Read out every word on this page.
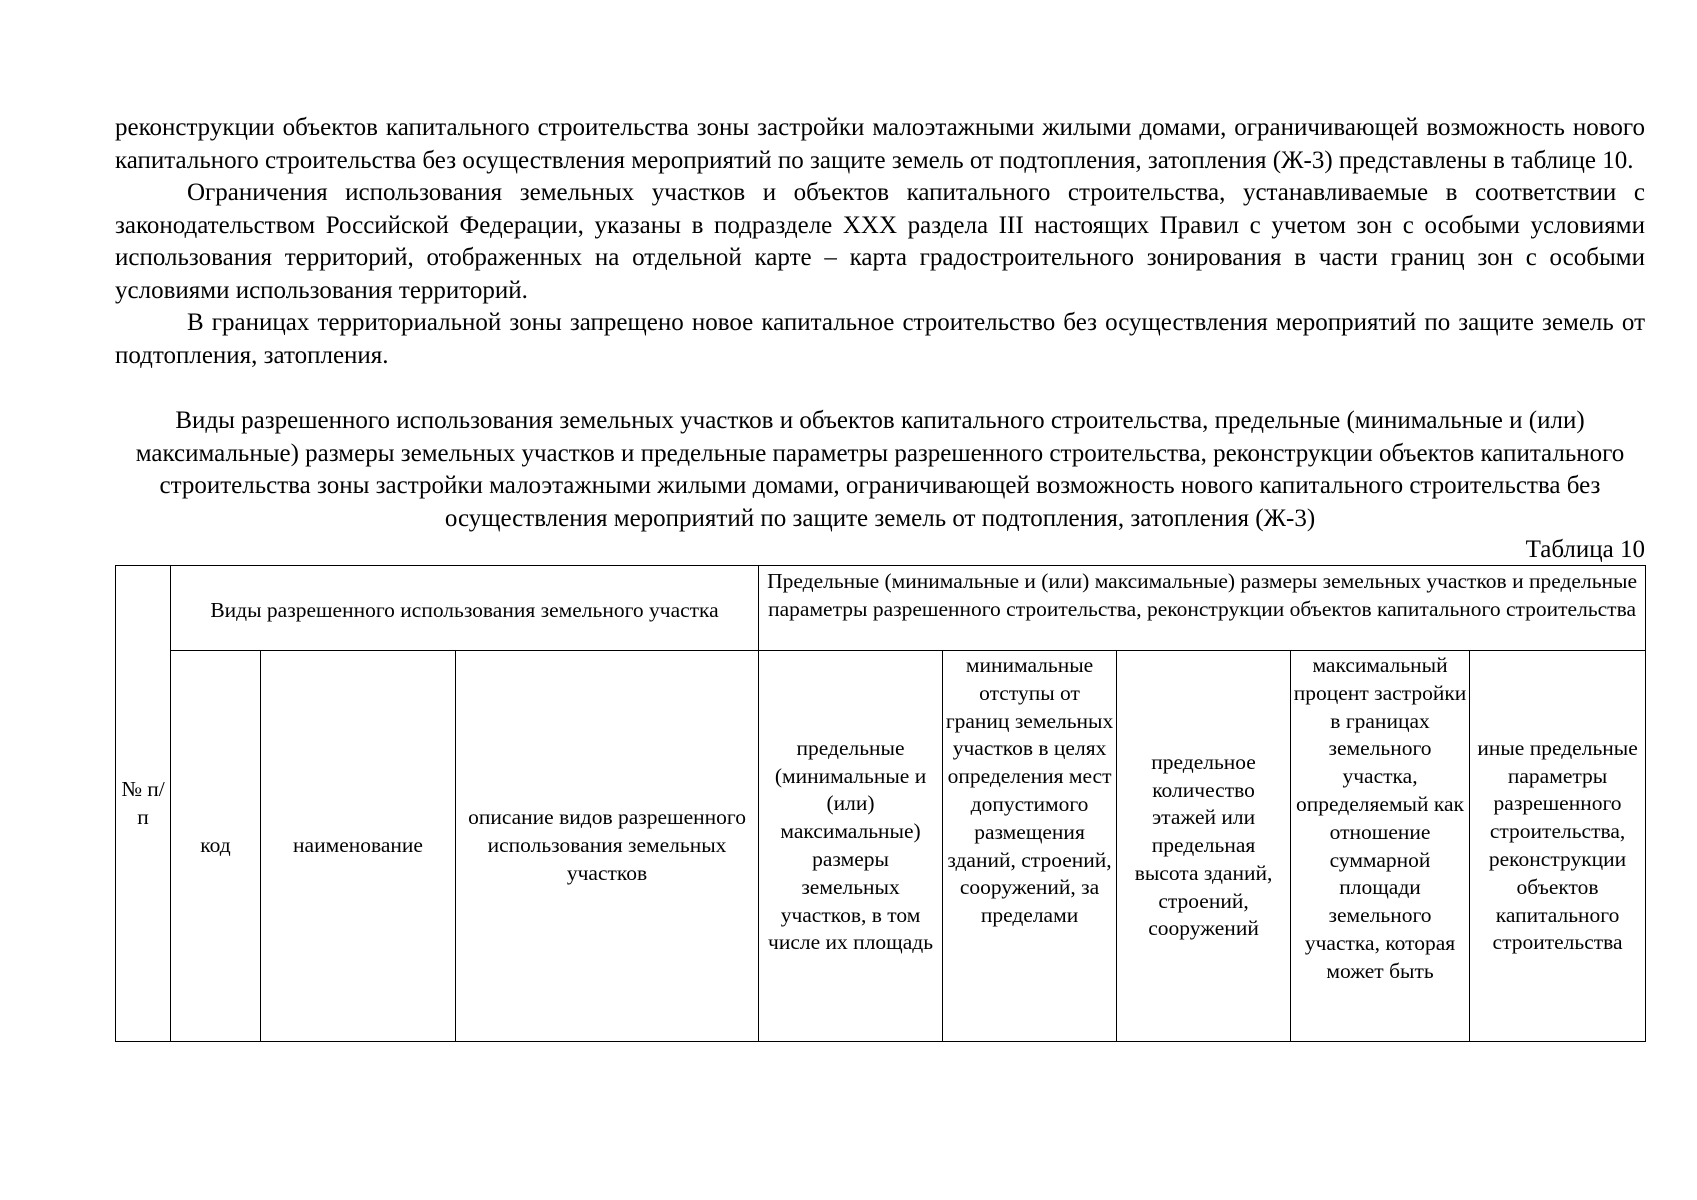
реконструкции объектов капитального строительства зоны застройки малоэтажными жилыми домами, ограничивающей возможность нового капитального строительства без осуществления мероприятий по защите земель от подтопления, затопления (Ж-3) представлены в таблице 10.

Ограничения использования земельных участков и объектов капитального строительства, устанавливаемые в соответствии с законодательством Российской Федерации, указаны в подразделе XXX раздела III настоящих Правил с учетом зон с особыми условиями использования территорий, отображенных на отдельной карте – карта градостроительного зонирования в части границ зон с особыми условиями использования территорий.

В границах территориальной зоны запрещено новое капитальное строительство без осуществления мероприятий по защите земель от подтопления, затопления.

Виды разрешенного использования земельных участков и объектов капитального строительства, предельные (минимальные и (или) максимальные) размеры земельных участков и предельные параметры разрешенного строительства, реконструкции объектов капитального строительства зоны застройки малоэтажными жилыми домами, ограничивающей возможность нового капитального строительства без осуществления мероприятий по защите земель от подтопления, затопления (Ж-3)
Таблица 10
№ п/п	Виды разрешенного использования земельного участка			Предельные (минимальные и (или) максимальные) размеры земельных участков и предельные параметры разрешенного строительства, реконструкции объектов капитального строительства				

	код	наименование	описание видов разрешенного использования земельных участков	предельные (минимальные и (или) максимальные) размеры земельных участков, в том числе их площадь	минимальные отступы от границ земельных участков в целях определения мест допустимого размещения зданий, строений, сооружений, за пределами	предельное количество этажей или предельная высота зданий, строений, сооружений	максимальный процент застройки в границах земельного участка, определяемый как отношение суммарной площади земельного участка, которая может быть	иные предельные параметры разрешенного строительства, реконструкции объектов капитального строительства
